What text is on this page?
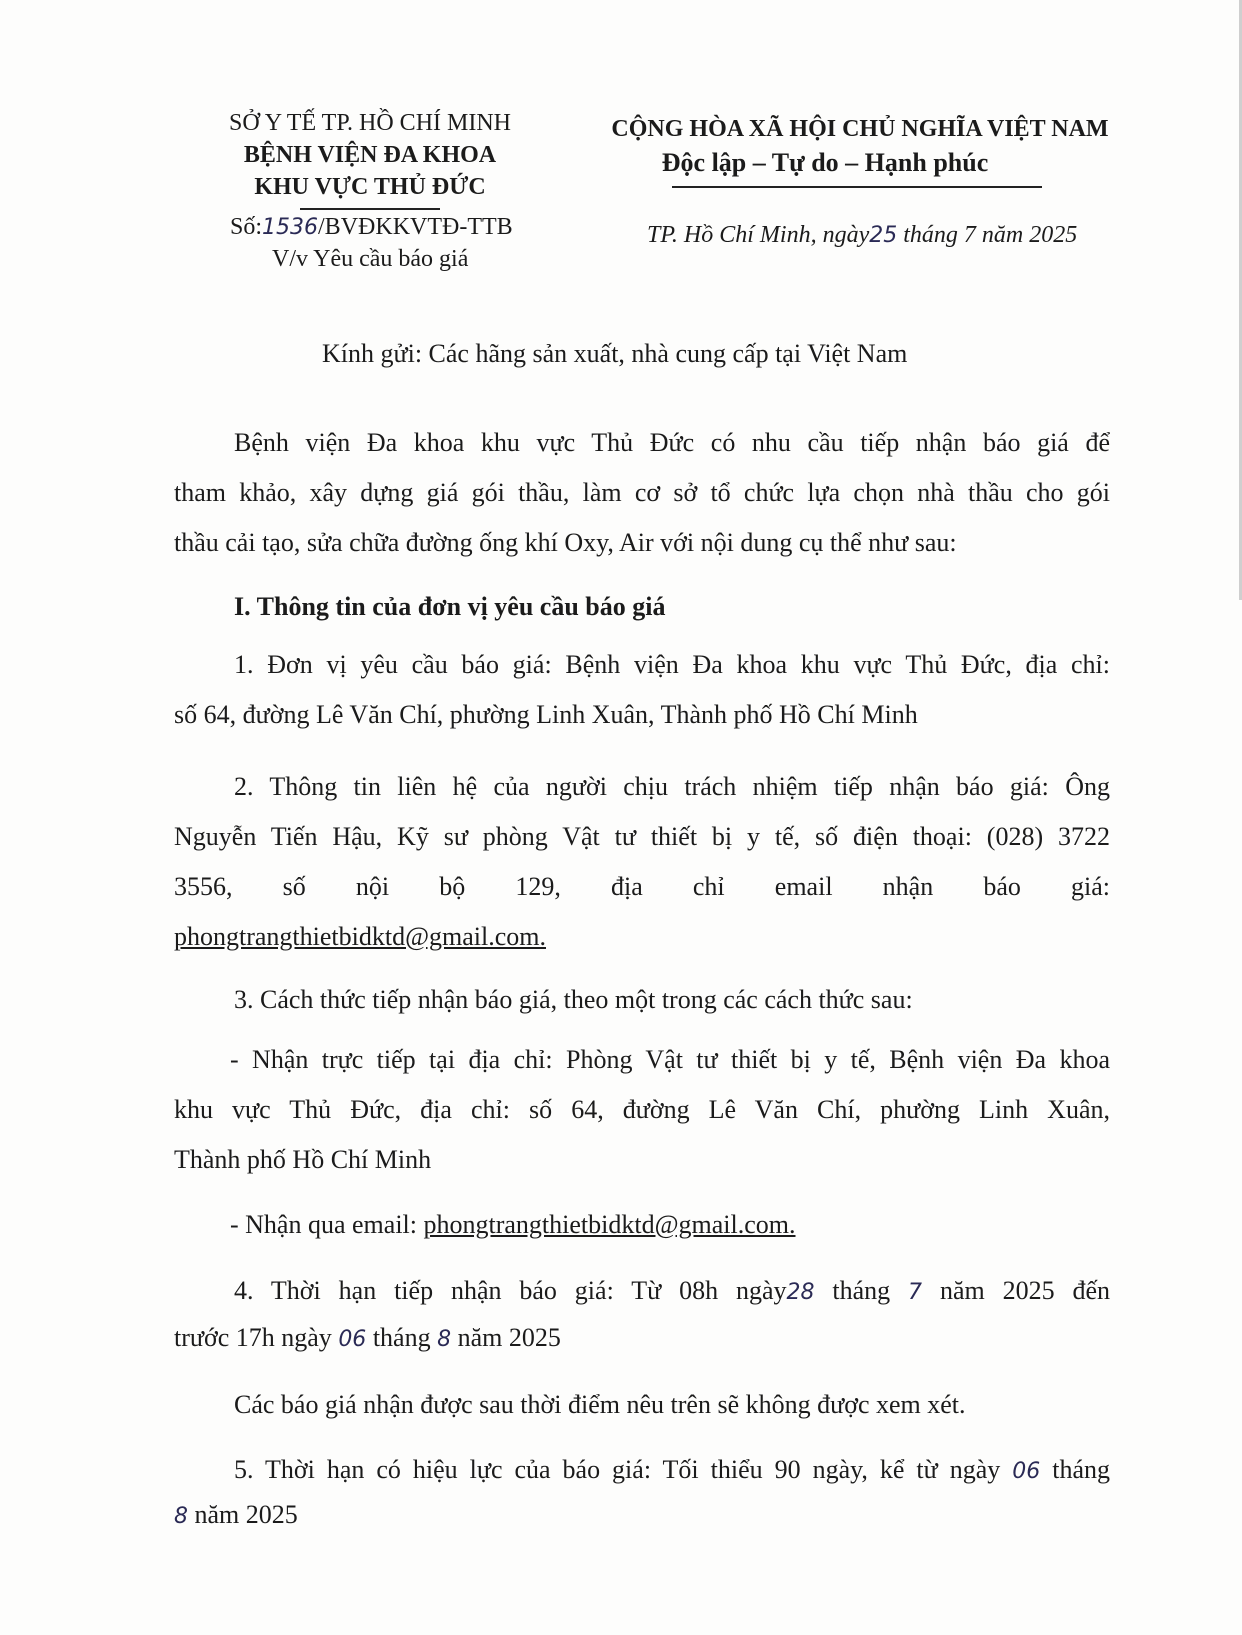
SỞ Y TẾ TP. HỒ CHÍ MINH
BỆNH VIỆN ĐA KHOA
KHU VỰC THỦ ĐỨC
Số:1536/BVĐKKVTĐ-TTB
V/v Yêu cầu báo giá
CỘNG HÒA XÃ HỘI CHỦ NGHĨA VIỆT NAM
Độc lập – Tự do – Hạnh phúc
TP. Hồ Chí Minh, ngày25 tháng 7 năm 2025
Kính gửi: Các hãng sản xuất, nhà cung cấp tại Việt Nam
Bệnh viện Đa khoa khu vực Thủ Đức có nhu cầu tiếp nhận báo giá để
tham khảo, xây dựng giá gói thầu, làm cơ sở tổ chức lựa chọn nhà thầu cho gói
thầu cải tạo, sửa chữa đường ống khí Oxy, Air với nội dung cụ thể như sau:
I. Thông tin của đơn vị yêu cầu báo giá
1. Đơn vị yêu cầu báo giá: Bệnh viện Đa khoa khu vực Thủ Đức, địa chỉ:
số 64, đường Lê Văn Chí, phường Linh Xuân, Thành phố Hồ Chí Minh
2. Thông tin liên hệ của người chịu trách nhiệm tiếp nhận báo giá: Ông
Nguyễn Tiến Hậu, Kỹ sư phòng Vật tư thiết bị y tế, số điện thoại: (028) 3722
3556, số nội bộ 129, địa chỉ email nhận báo giá:
phongtrangthietbidktd@gmail.com.
3. Cách thức tiếp nhận báo giá, theo một trong các cách thức sau:
- Nhận trực tiếp tại địa chỉ: Phòng Vật tư thiết bị y tế, Bệnh viện Đa khoa
khu vực Thủ Đức, địa chỉ: số 64, đường Lê Văn Chí, phường Linh Xuân,
Thành phố Hồ Chí Minh
- Nhận qua email: phongtrangthietbidktd@gmail.com.
4. Thời hạn tiếp nhận báo giá: Từ 08h ngày28 tháng 7 năm 2025 đến
trước 17h ngày 06 tháng 8 năm 2025
Các báo giá nhận được sau thời điểm nêu trên sẽ không được xem xét.
5. Thời hạn có hiệu lực của báo giá: Tối thiểu 90 ngày, kể từ ngày 06 tháng
8 năm 2025
